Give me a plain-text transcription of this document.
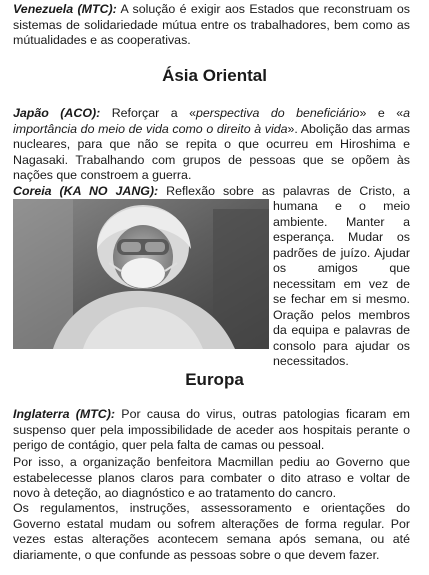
Venezuela (MTC): A solução é exigir aos Estados que reconstruam os sistemas de solidariedade mútua entre os trabalhadores, bem como as mútualidades e as cooperativas.

Ásia Oriental

Japão (ACO): Reforçar a «perspectiva do beneficiário» e «a importância do meio de vida como o direito à vida». Abolição das armas nucleares, para que não se repita o que ocurreu em Hiroshima e Nagasaki. Trabalhando com grupos de pessoas que se opõem às nações que constroem a guerra.

Coreia (KA NO JANG): Reflexão sobre as palavras de Cristo, a

humana e o meio ambiente. Manter a esperança. Mudar os padrões de juízo. Ajudar os amigos que necessitam em vez de se fechar em si mesmo. Oração pelos membros da equipa e palavras de consolo para ajudar os necessitados.

Europa

Inglaterra (MTC): Por causa do virus, outras patologias ficaram em suspenso quer pela impossibilidade de aceder aos hospitais perante o perigo de contágio, quer pela falta de camas ou pessoal.

Por isso, a organização benfeitora Macmillan pediu ao Governo que estabelecesse planos claros para combater o dito atraso e voltar de novo à deteção, ao diagnóstico e ao tratamento do cancro.

Os regulamentos, instruções, assessoramento e orientações do Governo estatal mudam ou sofrem alterações de forma regular. Por vezes estas alterações acontecem semana após semana, ou até diariamente, o que confunde as pessoas sobre o que devem fazer.
